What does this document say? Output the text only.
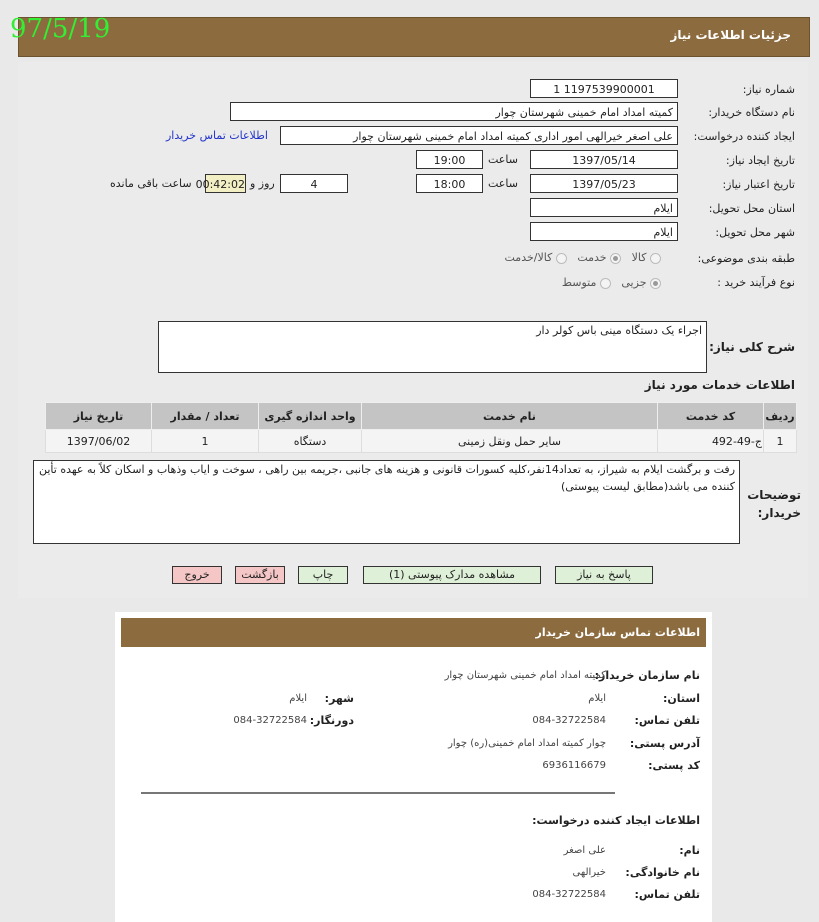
جزئیات اطلاعات نیاز
97/5/19
شماره نیاز:
1197539900001 1
نام دستگاه خریدار:
کمیته امداد امام خمینی شهرستان چوار
ایجاد کننده درخواست:
علی اصغر خیرالهی امور اداری کمیته امداد امام خمینی شهرستان چوار
اطلاعات تماس خریدار
تاریخ ایجاد نیاز:
1397/05/14
ساعت
19:00
تاریخ اعتبار نیاز:
1397/05/23
ساعت
18:00
4
روز و
00:42:02
ساعت باقی مانده
استان محل تحویل:
ایلام
شهر محل تحویل:
ایلام
طبقه بندی موضوعی:
کالا    خدمت    کالا/خدمت
نوع فرآیند خرید :
جزیی    متوسط
شرح کلی نیاز:
اجراء یک دستگاه مینی باس کولر دار
اطلاعات خدمات مورد نیاز
ردیف	کد خدمت	نام خدمت	واحد اندازه گیری	تعداد / مقدار	تاریخ نیاز
1	ج-49-492	سایر حمل ونقل زمینی	دستگاه	1	1397/06/02
توضیحات خریدار:
رفت و برگشت ایلام به شیراز، به تعداد14نفر،کلیه کسورات قانونی و هزینه های جانبی ،جریمه بین راهی ، سوخت و ایاب وذهاب و اسکان کلاً به عهده تأین کننده می باشد(مطابق لیست پیوستی)
پاسخ به نیاز
مشاهده مدارک پیوستی (1)
چاپ
بازگشت
خروج
اطلاعات تماس سازمان خریدار
نام سازمان خریدار:
کمیته امداد امام خمینی شهرستان چوار
استان:
ایلام
شهر:
ایلام
تلفن تماس:
084-32722584
دورنگار:
084-32722584
آدرس پستی:
چوار کمیته امداد امام خمینی(ره) چوار
کد پستی:
6936116679
اطلاعات ایجاد کننده درخواست:
نام:
علی اصغر
نام خانوادگی:
خیرالهی
تلفن تماس:
084-32722584
